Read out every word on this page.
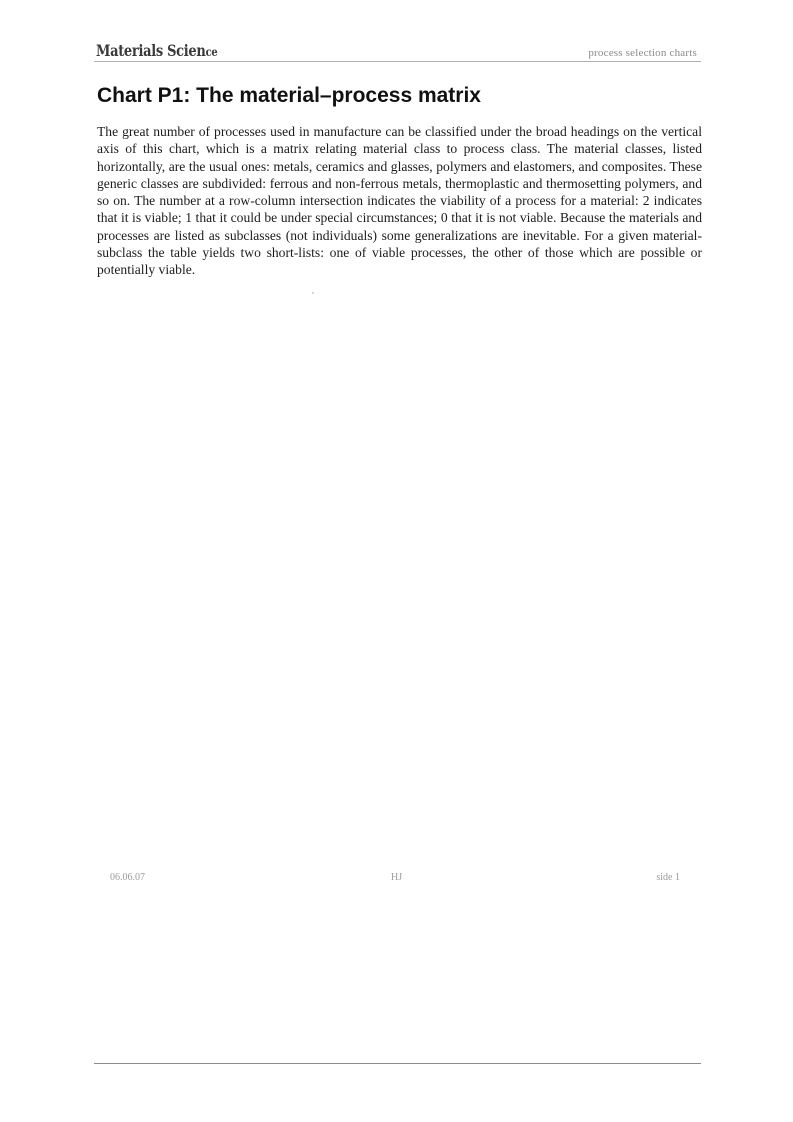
Materials Science	process selection charts
Chart P1: The material–process matrix

The great number of processes used in manufacture can be classified under the broad headings on the vertical axis of this chart, which is a matrix relating material class to process class. The material classes, listed horizontally, are the usual ones: metals, ceramics and glasses, polymers and elastomers, and composites. These generic classes are subdivided: ferrous and non-ferrous metals, thermoplastic and thermosetting polymers, and so on. The number at a row-column intersection indicates the viability of a process for a material: 2 indicates that it is viable; 1 that it could be under special circumstances; 0 that it is not viable. Because the materials and processes are listed as subclasses (not individuals) some generalizations are inevitable. For a given material-subclass the table yields two short-lists: one of viable processes, the other of those which are possible or potentially viable.

06.06.07	HJ	side 1
